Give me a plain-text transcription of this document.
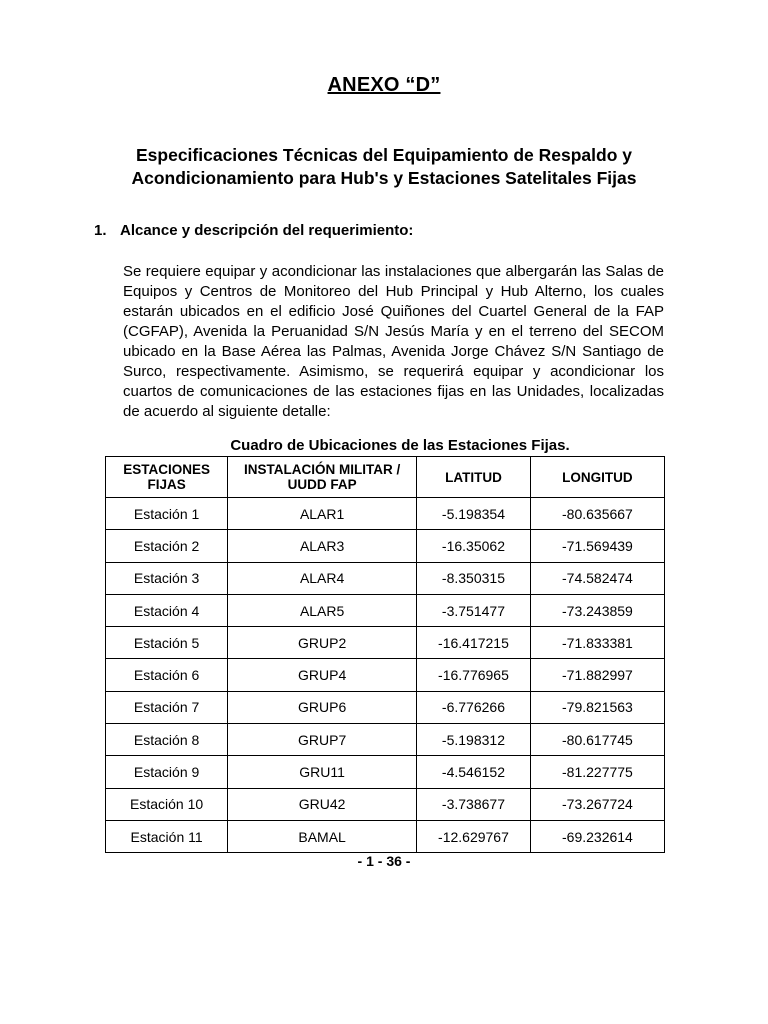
ANEXO “D”
Especificaciones Técnicas del Equipamiento de Respaldo y
Acondicionamiento para Hub's y Estaciones Satelitales Fijas
1. Alcance y descripción del requerimiento:
Se requiere equipar y acondicionar las instalaciones que albergarán las Salas de Equipos y Centros de Monitoreo del Hub Principal y Hub Alterno, los cuales estarán ubicados en el edificio José Quiñones del Cuartel General de la FAP (CGFAP), Avenida la Peruanidad S/N Jesús María y en el terreno del SECOM ubicado en la Base Aérea las Palmas, Avenida Jorge Chávez S/N Santiago de Surco, respectivamente. Asimismo, se requerirá equipar y acondicionar los cuartos de comunicaciones de las estaciones fijas en las Unidades, localizadas de acuerdo al siguiente detalle:
Cuadro de Ubicaciones de las Estaciones Fijas.
ESTACIONES FIJAS	INSTALACIÓN MILITAR / UUDD FAP	LATITUD	LONGITUD
Estación 1	ALAR1	-5.198354	-80.635667
Estación 2	ALAR3	-16.35062	-71.569439
Estación 3	ALAR4	-8.350315	-74.582474
Estación 4	ALAR5	-3.751477	-73.243859
Estación 5	GRUP2	-16.417215	-71.833381
Estación 6	GRUP4	-16.776965	-71.882997
Estación 7	GRUP6	-6.776266	-79.821563
Estación 8	GRUP7	-5.198312	-80.617745
Estación 9	GRU11	-4.546152	-81.227775
Estación 10	GRU42	-3.738677	-73.267724
Estación 11	BAMAL	-12.629767	-69.232614
- 1 - 36 -
